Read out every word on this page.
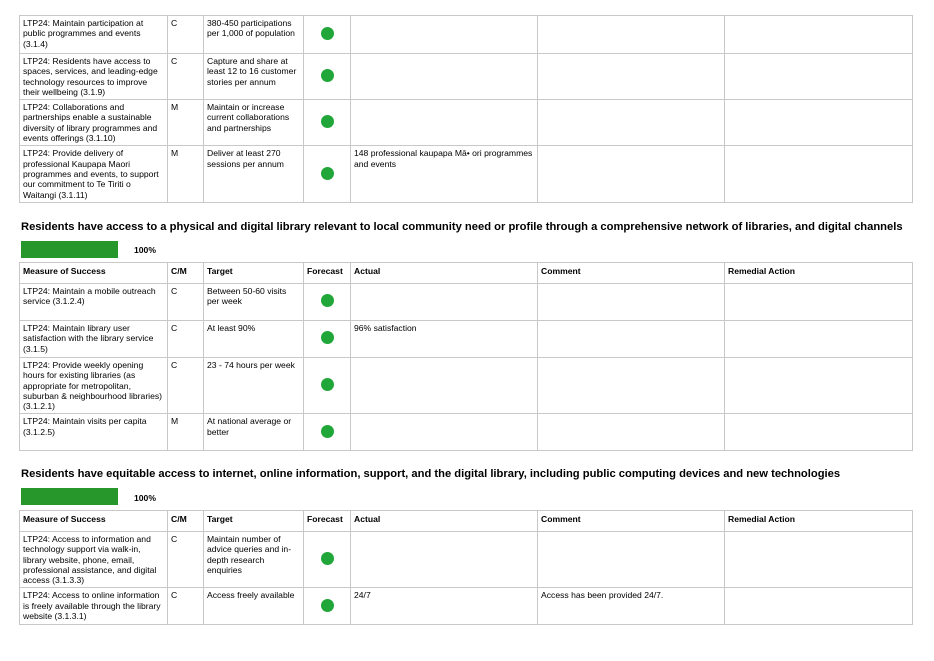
LTP24: Maintain participation at public programmes and events (3.1.4)	C	380-450 participations per 1,000 of population				
LTP24: Residents have access to spaces, services, and leading-edge technology resources to improve their wellbeing (3.1.9)	C	Capture and share at least 12 to 16 customer stories per annum				
LTP24: Collaborations and partnerships enable a sustainable diversity of library programmes and events offerings (3.1.10)	M	Maintain or increase current collaborations and partnerships				
LTP24: Provide delivery of professional Kaupapa Maori programmes and events, to support our commitment to Te Tiriti o Waitangi (3.1.11)	M	Deliver at least 270 sessions per annum		148 professional kaupapa Mā• ori programmes and events		
Residents have access to a physical and digital library relevant to local community need or profile through a comprehensive network of libraries, and digital channels
100%
Measure of Success	C/M	Target	Forecast	Actual	Comment	Remedial Action
LTP24: Maintain a mobile outreach service (3.1.2.4)	C	Between 50-60 visits per week				
LTP24: Maintain library user satisfaction with the library service (3.1.5)	C	At least 90%		96% satisfaction		
LTP24: Provide weekly opening hours for existing libraries (as appropriate for metropolitan, suburban & neighbourhood libraries) (3.1.2.1)	C	23 - 74 hours per week				
LTP24: Maintain visits per capita (3.1.2.5)	M	At national average or better				
Residents have equitable access to internet, online information, support, and the digital library, including public computing devices and new technologies
100%
Measure of Success	C/M	Target	Forecast	Actual	Comment	Remedial Action
LTP24: Access to information and technology support via walk-in, library website, phone, email, professional assistance, and digital access (3.1.3.3)	C	Maintain number of advice queries and in-depth research enquiries				
LTP24: Access to online information is freely available through the library website (3.1.3.1)	C	Access freely available		24/7	Access has been provided 24/7.	
